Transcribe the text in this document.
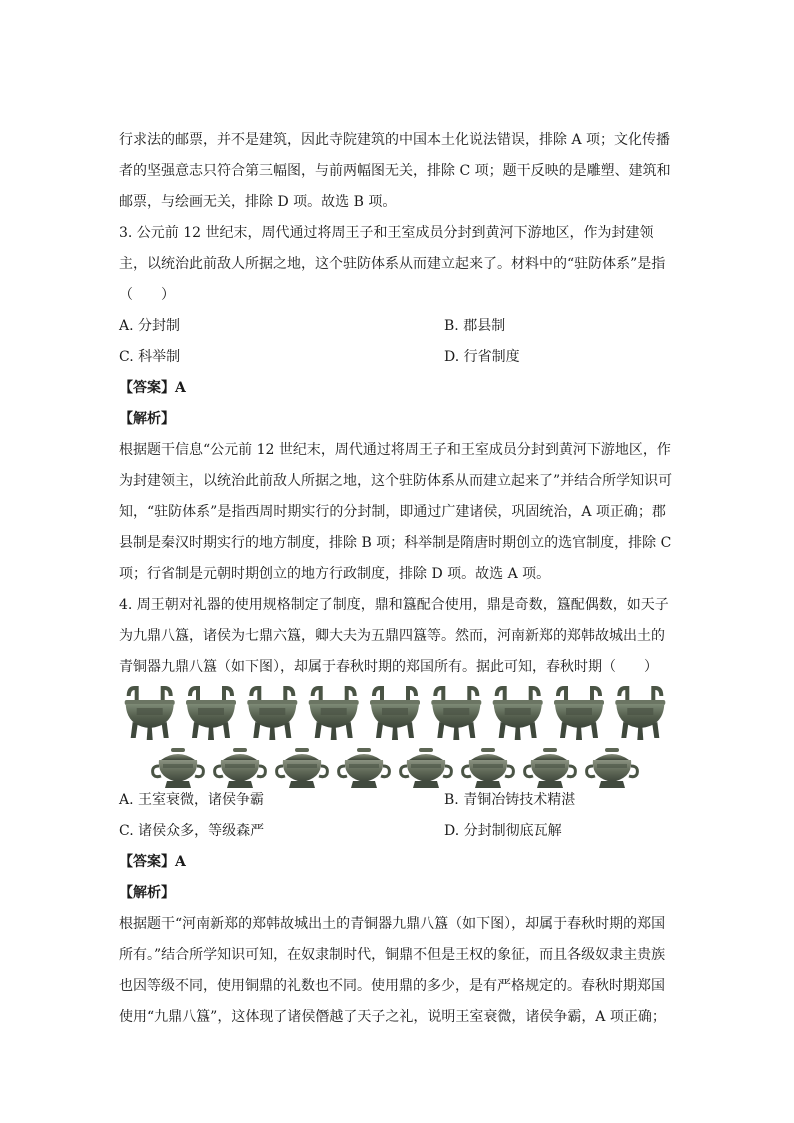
行求法的邮票，并不是建筑，因此寺院建筑的中国本土化说法错误，排除 A 项；文化传播
者的坚强意志只符合第三幅图，与前两幅图无关，排除 C 项；题干反映的是雕塑、建筑和
邮票，与绘画无关，排除 D 项。故选 B 项。
3. 公元前 12 世纪末，周代通过将周王子和王室成员分封到黄河下游地区，作为封建领
主，以统治此前敌人所据之地，这个驻防体系从而建立起来了。材料中的“驻防体系”是指
（　　）
A. 分封制	B. 郡县制
C. 科举制	D. 行省制度
【答案】A
【解析】
根据题干信息“公元前 12 世纪末，周代通过将周王子和王室成员分封到黄河下游地区，作
为封建领主，以统治此前敌人所据之地，这个驻防体系从而建立起来了”并结合所学知识可
知，“驻防体系”是指西周时期实行的分封制，即通过广建诸侯，巩固统治，A 项正确；郡
县制是秦汉时期实行的地方制度，排除 B 项；科举制是隋唐时期创立的选官制度，排除 C
项；行省制是元朝时期创立的地方行政制度，排除 D 项。故选 A 项。
4. 周王朝对礼器的使用规格制定了制度，鼎和簋配合使用，鼎是奇数，簋配偶数，如天子
为九鼎八簋，诸侯为七鼎六簋，卿大夫为五鼎四簋等。然而，河南新郑的郑韩故城出土的
青铜器九鼎八簋（如下图），却属于春秋时期的郑国所有。据此可知，春秋时期（　　）
A. 王室衰微，诸侯争霸	B. 青铜冶铸技术精湛
C. 诸侯众多，等级森严	D. 分封制彻底瓦解
【答案】A
【解析】
根据题干“河南新郑的郑韩故城出土的青铜器九鼎八簋（如下图），却属于春秋时期的郑国
所有。”结合所学知识可知，在奴隶制时代，铜鼎不但是王权的象征，而且各级奴隶主贵族
也因等级不同，使用铜鼎的礼数也不同。使用鼎的多少，是有严格规定的。春秋时期郑国
使用“九鼎八簋”，这体现了诸侯僭越了天子之礼，说明王室衰微，诸侯争霸，A 项正确；
